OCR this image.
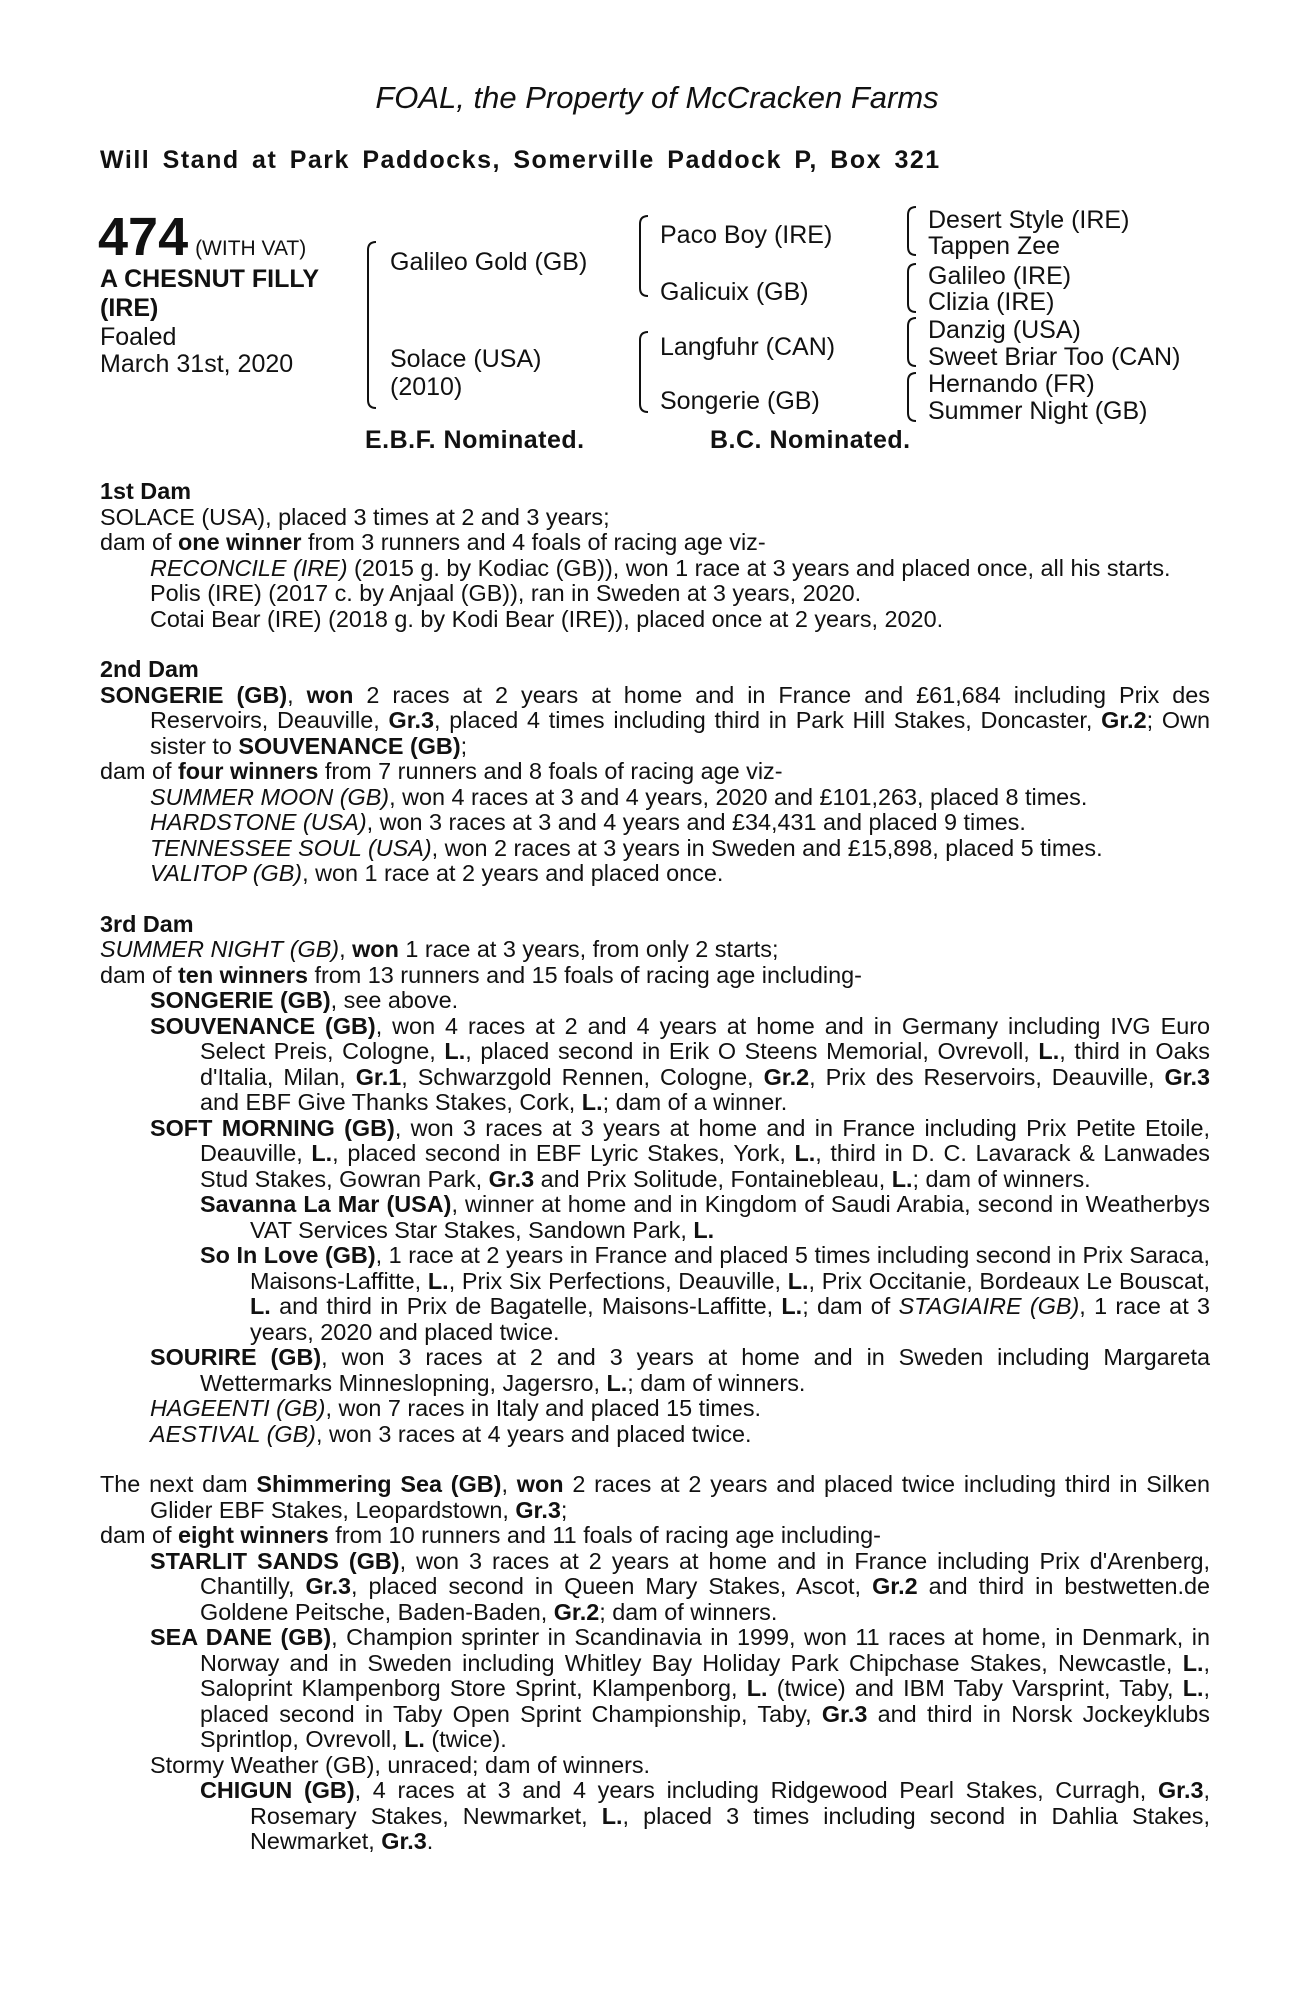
FOAL, the Property of McCracken Farms
Will Stand at Park Paddocks, Somerville Paddock P, Box 321
474 (WITH VAT)
A CHESNUT FILLY
(IRE)
Foaled
March 31st, 2020
Galileo Gold (GB)
Solace (USA)
(2010)
Paco Boy (IRE)
Galicuix (GB)
Langfuhr (CAN)
Songerie (GB)
Desert Style (IRE)
Tappen Zee
Galileo (IRE)
Clizia (IRE)
Danzig (USA)
Sweet Briar Too (CAN)
Hernando (FR)
Summer Night (GB)
E.B.F. Nominated.	B.C. Nominated.
1st Dam
SOLACE (USA), placed 3 times at 2 and 3 years;
dam of one winner from 3 runners and 4 foals of racing age viz-
RECONCILE (IRE) (2015 g. by Kodiac (GB)), won 1 race at 3 years and placed once, all his starts.
Polis (IRE) (2017 c. by Anjaal (GB)), ran in Sweden at 3 years, 2020.
Cotai Bear (IRE) (2018 g. by Kodi Bear (IRE)), placed once at 2 years, 2020.
2nd Dam
SONGERIE (GB), won 2 races at 2 years at home and in France and £61,684 including Prix des Reservoirs, Deauville, Gr.3, placed 4 times including third in Park Hill Stakes, Doncaster, Gr.2; Own sister to SOUVENANCE (GB);
dam of four winners from 7 runners and 8 foals of racing age viz-
SUMMER MOON (GB), won 4 races at 3 and 4 years, 2020 and £101,263, placed 8 times.
HARDSTONE (USA), won 3 races at 3 and 4 years and £34,431 and placed 9 times.
TENNESSEE SOUL (USA), won 2 races at 3 years in Sweden and £15,898, placed 5 times.
VALITOP (GB), won 1 race at 2 years and placed once.
3rd Dam
SUMMER NIGHT (GB), won 1 race at 3 years, from only 2 starts;
dam of ten winners from 13 runners and 15 foals of racing age including-
SONGERIE (GB), see above.
SOUVENANCE (GB), won 4 races at 2 and 4 years at home and in Germany including IVG Euro Select Preis, Cologne, L., placed second in Erik O Steens Memorial, Ovrevoll, L., third in Oaks d'Italia, Milan, Gr.1, Schwarzgold Rennen, Cologne, Gr.2, Prix des Reservoirs, Deauville, Gr.3 and EBF Give Thanks Stakes, Cork, L.; dam of a winner.
SOFT MORNING (GB), won 3 races at 3 years at home and in France including Prix Petite Etoile, Deauville, L., placed second in EBF Lyric Stakes, York, L., third in D. C. Lavarack & Lanwades Stud Stakes, Gowran Park, Gr.3 and Prix Solitude, Fontainebleau, L.; dam of winners.
Savanna La Mar (USA), winner at home and in Kingdom of Saudi Arabia, second in Weatherbys VAT Services Star Stakes, Sandown Park, L.
So In Love (GB), 1 race at 2 years in France and placed 5 times including second in Prix Saraca, Maisons-Laffitte, L., Prix Six Perfections, Deauville, L., Prix Occitanie, Bordeaux Le Bouscat, L. and third in Prix de Bagatelle, Maisons-Laffitte, L.; dam of STAGIAIRE (GB), 1 race at 3 years, 2020 and placed twice.
SOURIRE (GB), won 3 races at 2 and 3 years at home and in Sweden including Margareta Wettermarks Minneslopning, Jagersro, L.; dam of winners.
HAGEENTI (GB), won 7 races in Italy and placed 15 times.
AESTIVAL (GB), won 3 races at 4 years and placed twice.
The next dam Shimmering Sea (GB), won 2 races at 2 years and placed twice including third in Silken Glider EBF Stakes, Leopardstown, Gr.3;
dam of eight winners from 10 runners and 11 foals of racing age including-
STARLIT SANDS (GB), won 3 races at 2 years at home and in France including Prix d'Arenberg, Chantilly, Gr.3, placed second in Queen Mary Stakes, Ascot, Gr.2 and third in bestwetten.de Goldene Peitsche, Baden-Baden, Gr.2; dam of winners.
SEA DANE (GB), Champion sprinter in Scandinavia in 1999, won 11 races at home, in Denmark, in Norway and in Sweden including Whitley Bay Holiday Park Chipchase Stakes, Newcastle, L., Saloprint Klampenborg Store Sprint, Klampenborg, L. (twice) and IBM Taby Varsprint, Taby, L., placed second in Taby Open Sprint Championship, Taby, Gr.3 and third in Norsk Jockeyklubs Sprintlop, Ovrevoll, L. (twice).
Stormy Weather (GB), unraced; dam of winners.
CHIGUN (GB), 4 races at 3 and 4 years including Ridgewood Pearl Stakes, Curragh, Gr.3, Rosemary Stakes, Newmarket, L., placed 3 times including second in Dahlia Stakes, Newmarket, Gr.3.
